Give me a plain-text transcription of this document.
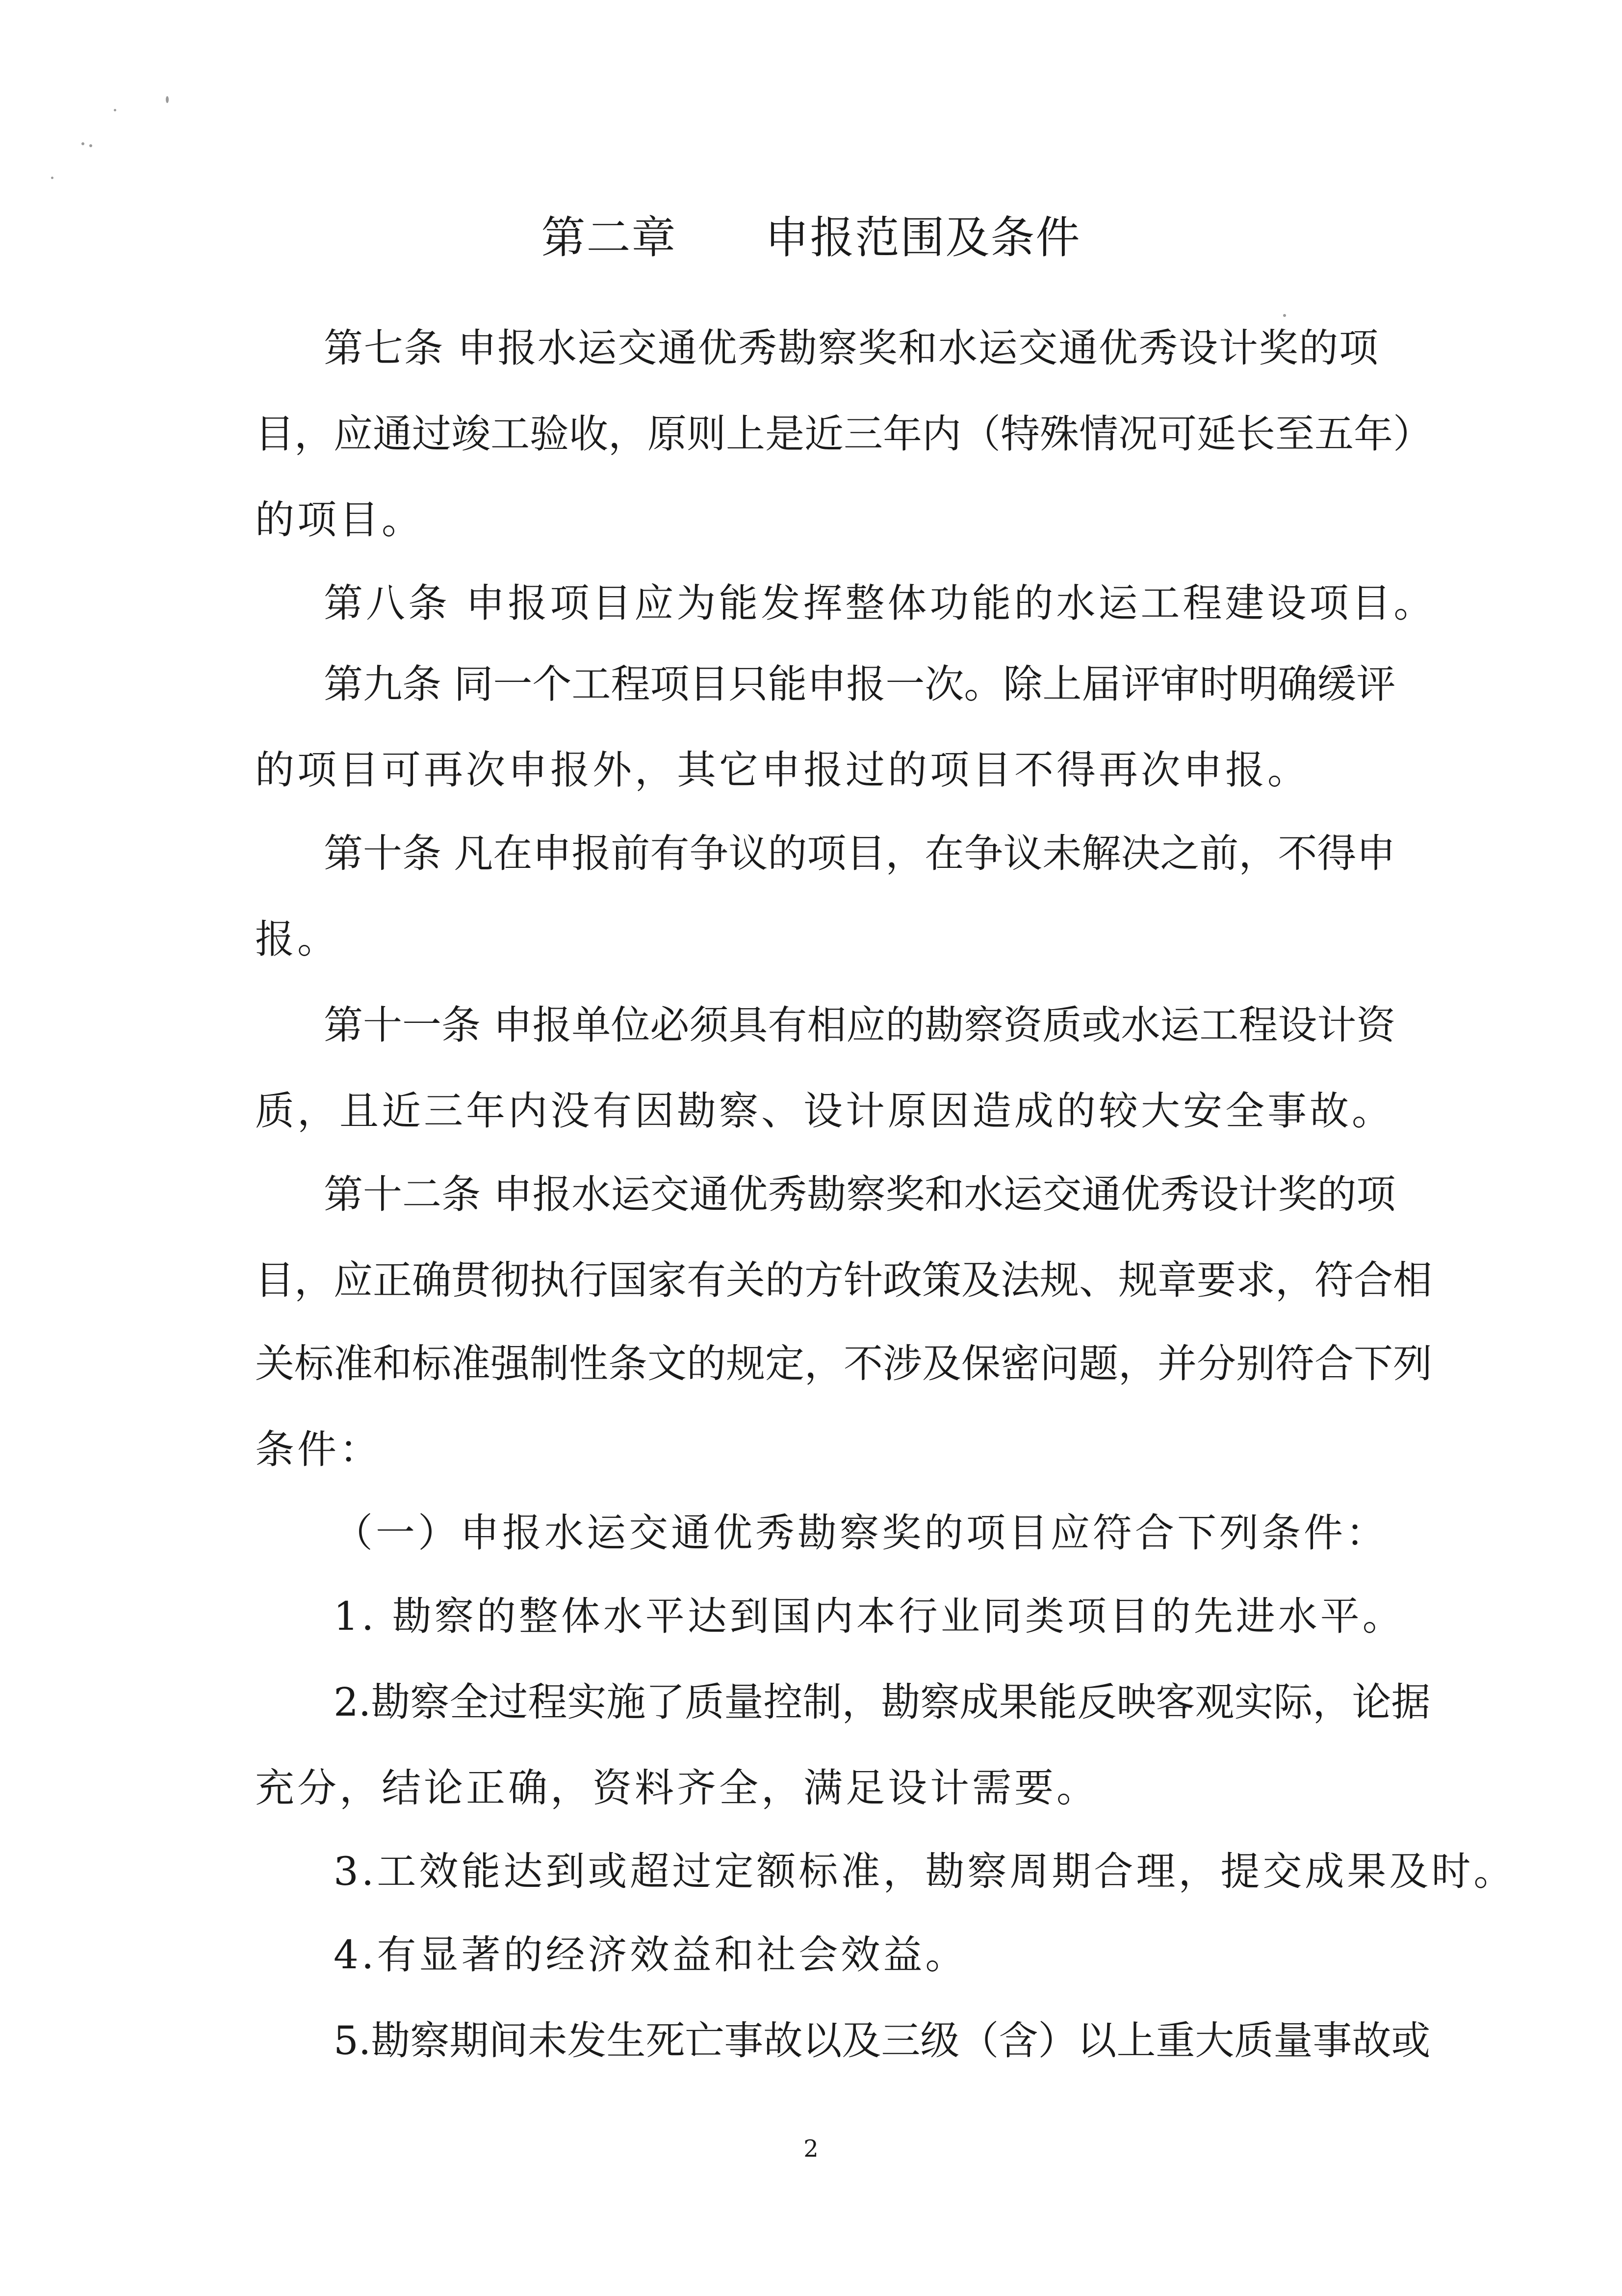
第二章 申报范围及条件
第七条 申报水运交通优秀勘察奖和水运交通优秀设计奖的项
目，应通过竣工验收，原则上是近三年内（特殊情况可延长至五年）
的项目。
第八条 申报项目应为能发挥整体功能的水运工程建设项目。
第九条 同一个工程项目只能申报一次。除上届评审时明确缓评
的项目可再次申报外，其它申报过的项目不得再次申报。
第十条 凡在申报前有争议的项目，在争议未解决之前，不得申
报。
第十一条 申报单位必须具有相应的勘察资质或水运工程设计资
质，且近三年内没有因勘察、设计原因造成的较大安全事故。
第十二条 申报水运交通优秀勘察奖和水运交通优秀设计奖的项
目，应正确贯彻执行国家有关的方针政策及法规、规章要求，符合相
关标准和标准强制性条文的规定，不涉及保密问题，并分别符合下列
条件：
（一）申报水运交通优秀勘察奖的项目应符合下列条件：
1. 勘察的整体水平达到国内本行业同类项目的先进水平。
2.勘察全过程实施了质量控制，勘察成果能反映客观实际，论据
充分，结论正确，资料齐全，满足设计需要。
3.工效能达到或超过定额标准，勘察周期合理，提交成果及时。
4.有显著的经济效益和社会效益。
5.勘察期间未发生死亡事故以及三级（含）以上重大质量事故或
2
